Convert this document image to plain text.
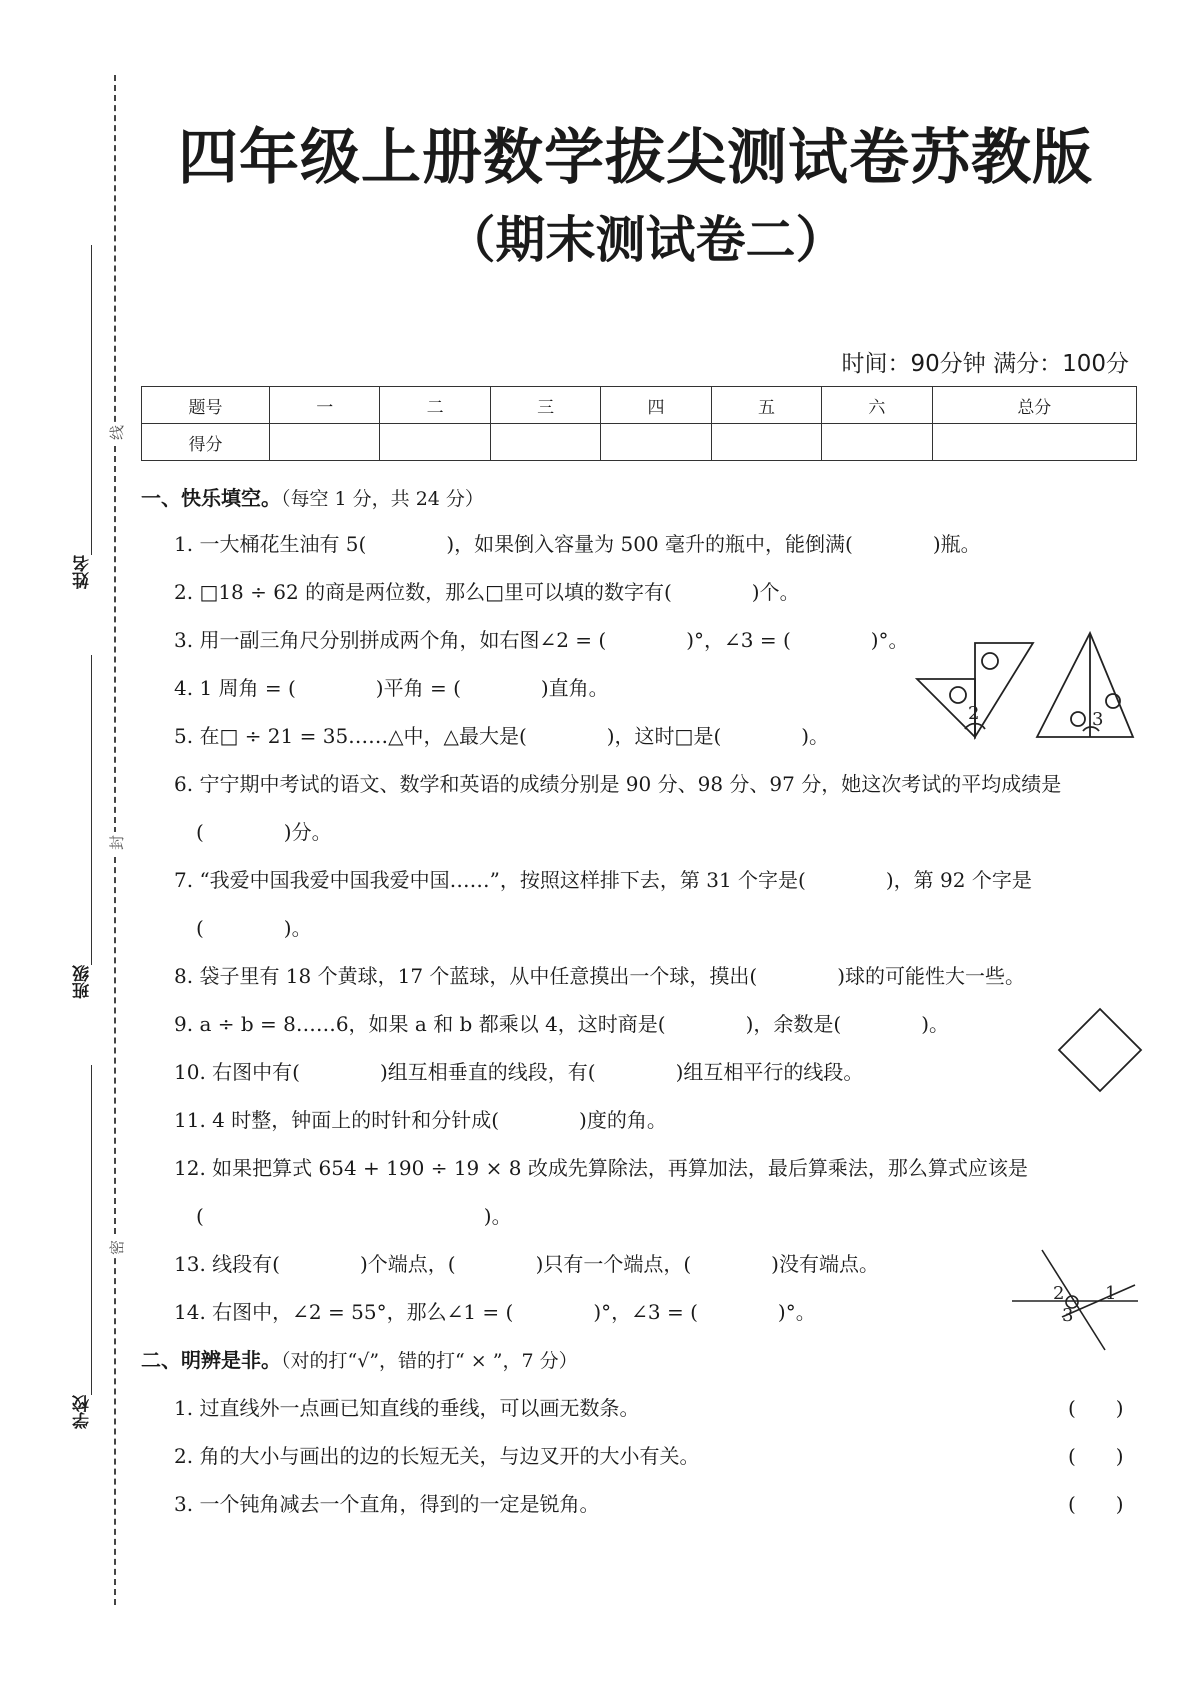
线
封
密
姓名
班级
学校
四年级上册数学拔尖测试卷苏教版
（期末测试卷二）
时间：90分钟 满分：100分
题号	一	二	三	四	五	六	总分
得分							
一、快乐填空。（每空 1 分，共 24 分）
1. 一大桶花生油有 5(　　　　)，如果倒入容量为 500 毫升的瓶中，能倒满(　　　　)瓶。
2. □18 ÷ 62 的商是两位数，那么□里可以填的数字有(　　　　)个。
3. 用一副三角尺分别拼成两个角，如右图∠2 = (　　　　)°，∠3 = (　　　　)°。
4. 1 周角 = (　　　　)平角 = (　　　　)直角。
5. 在□ ÷ 21 = 35……△中，△最大是(　　　　)，这时□是(　　　　)。
6. 宁宁期中考试的语文、数学和英语的成绩分别是 90 分、98 分、97 分，她这次考试的平均成绩是
(　　　　)分。
7. “我爱中国我爱中国我爱中国……”，按照这样排下去，第 31 个字是(　　　　)，第 92 个字是
(　　　　)。
8. 袋子里有 18 个黄球，17 个蓝球，从中任意摸出一个球，摸出(　　　　)球的可能性大一些。
9. a ÷ b = 8……6，如果 a 和 b 都乘以 4，这时商是(　　　　)，余数是(　　　　)。
10. 右图中有(　　　　)组互相垂直的线段，有(　　　　)组互相平行的线段。
11. 4 时整，钟面上的时针和分针成(　　　　)度的角。
12. 如果把算式 654 + 190 ÷ 19 × 8 改成先算除法，再算加法，最后算乘法，那么算式应该是
(　　　　　　　　　　　　　　)。
13. 线段有(　　　　)个端点，(　　　　)只有一个端点，(　　　　)没有端点。
14. 右图中，∠2 = 55°，那么∠1 = (　　　　)°，∠3 = (　　　　)°。
二、明辨是非。（对的打“√”，错的打“ × ”，7 分）
1. 过直线外一点画已知直线的垂线，可以画无数条。	(　　)
2. 角的大小与画出的边的长短无关，与边叉开的大小有关。	(　　)
3. 一个钝角减去一个直角，得到的一定是锐角。	(　　)
2	3
2 1
3
